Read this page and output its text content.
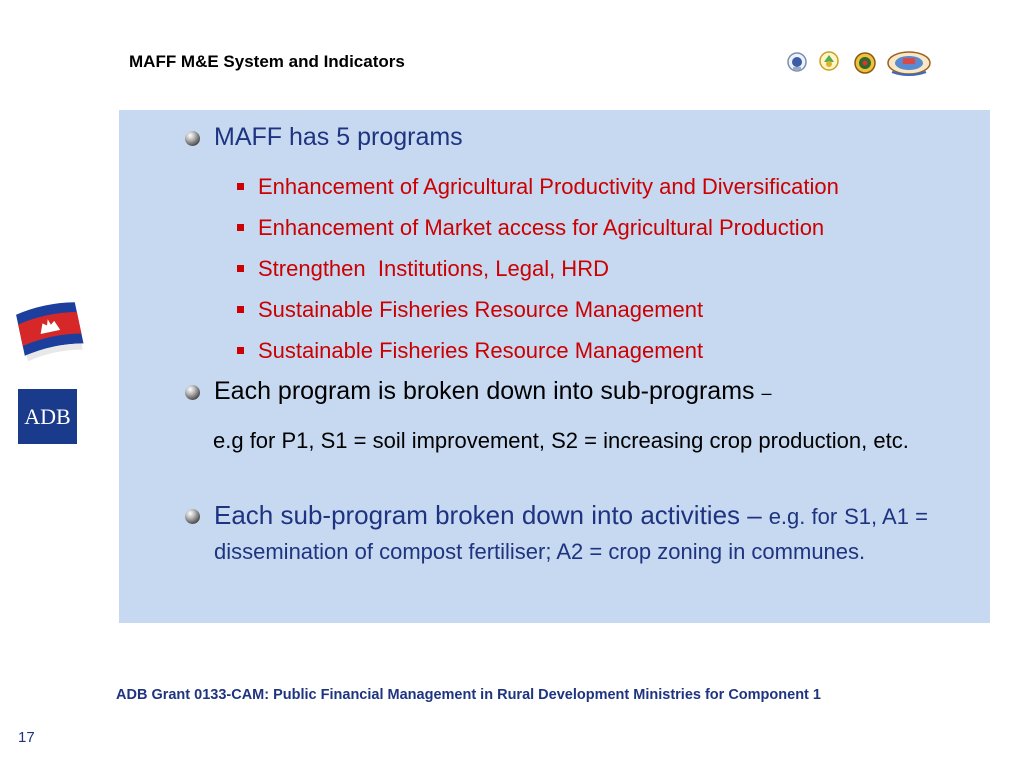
MAFF M&E System and Indicators
MAFF has 5 programs
Enhancement of Agricultural Productivity and Diversification
Enhancement of Market access for Agricultural Production
Strengthen  Institutions, Legal, HRD
Sustainable Fisheries Resource Management
Sustainable Fisheries Resource Management
Each program is broken down into sub-programs –
e.g for P1, S1 = soil improvement, S2 = increasing crop production, etc.
Each sub-program broken down into activities – e.g. for S1, A1 = dissemination of compost fertiliser; A2 = crop zoning in communes.
ADB
ADB Grant 0133-CAM: Public Financial Management in Rural Development Ministries for Component 1
17
